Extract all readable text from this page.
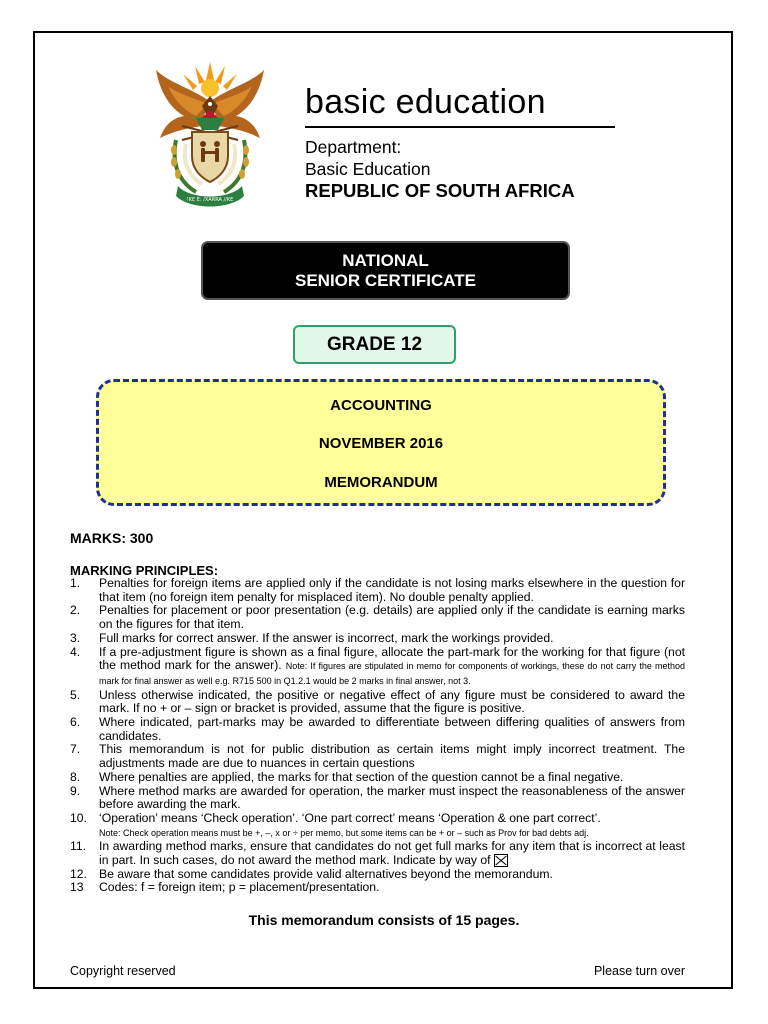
!KE E: /XARRA //KE
basic education
Department:
Basic Education
REPUBLIC OF SOUTH AFRICA
NATIONAL
SENIOR CERTIFICATE
GRADE 12
ACCOUNTING
NOVEMBER 2016
MEMORANDUM
MARKS: 300
MARKING PRINCIPLES:
1.	Penalties for foreign items are applied only if the candidate is not losing marks elsewhere in the question for that item (no foreign item penalty for misplaced item). No double penalty applied.
2.	Penalties for placement or poor presentation (e.g. details) are applied only if the candidate is earning marks on the figures for that item.
3.	Full marks for correct answer. If the answer is incorrect, mark the workings provided.
4.	If a pre-adjustment figure is shown as a final figure, allocate the part-mark for the working for that figure (not the method mark for the answer). Note: If figures are stipulated in memo for components of workings, these do not carry the method mark for final answer as well e.g. R715 500 in Q1.2.1 would be 2 marks in final answer, not 3.
5.	Unless otherwise indicated, the positive or negative effect of any figure must be considered to award the mark. If no + or – sign or bracket is provided, assume that the figure is positive.
6.	Where indicated, part-marks may be awarded to differentiate between differing qualities of answers from candidates.
7.	This memorandum is not for public distribution as certain items might imply incorrect treatment. The adjustments made are due to nuances in certain questions
8.	Where penalties are applied, the marks for that section of the question cannot be a final negative.
9.	Where method marks are awarded for operation, the marker must inspect the reasonableness of the answer before awarding the mark.
10. ‘Operation’ means ‘Check operation’. ‘One part correct’ means ‘Operation & one part correct’.
Note: Check operation means must be +, –, x or ÷ per memo, but some items can be + or – such as Prov for bad debts adj.
11.	In awarding method marks, ensure that candidates do not get full marks for any item that is incorrect at least in part. In such cases, do not award the method mark. Indicate by way of
12. Be aware that some candidates provide valid alternatives beyond the memorandum.
13	Codes: f = foreign item; p = placement/presentation.
This memorandum consists of 15 pages.
Copyright reserved	Please turn over
